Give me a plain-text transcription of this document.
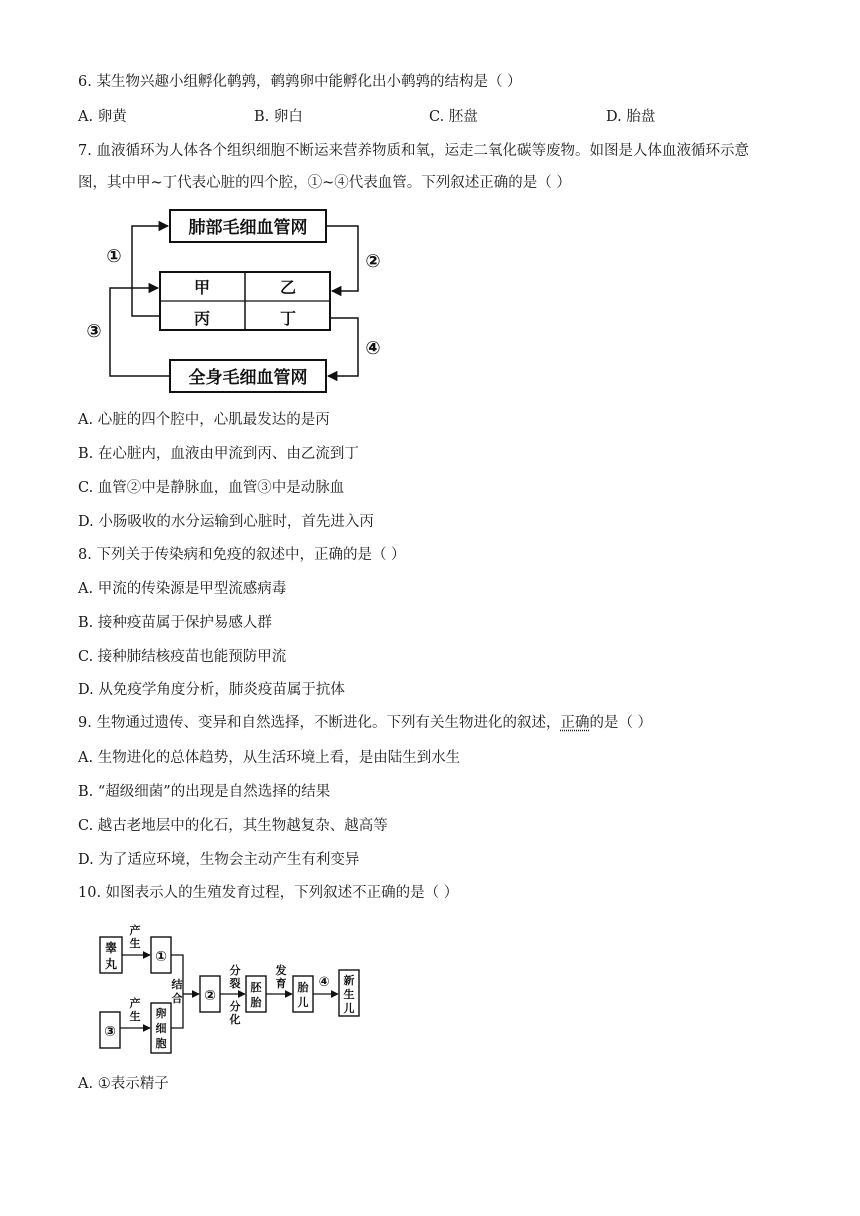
6. 某生物兴趣小组孵化鹌鹑，鹌鹑卵中能孵化出小鹌鹑的结构是（ ）
A. 卵黄	B. 卵白	C. 胚盘	D. 胎盘
7. 血液循环为人体各个组织细胞不断运来营养物质和氧，运走二氧化碳等废物。如图是人体血液循环示意
图，其中甲~丁代表心脏的四个腔，①~④代表血管。下列叙述正确的是（ ）
肺部毛细血管网
甲	乙
丙	丁
全身毛细血管网
①	②
③
④
A. 心脏的四个腔中，心肌最发达的是丙
B. 在心脏内，血液由甲流到丙、由乙流到丁
C. 血管②中是静脉血，血管③中是动脉血
D. 小肠吸收的水分运输到心脏时，首先进入丙
8. 下列关于传染病和免疫的叙述中，正确的是（ ）
A. 甲流的传染源是甲型流感病毒
B. 接种疫苗属于保护易感人群
C. 接种肺结核疫苗也能预防甲流
D. 从免疫学角度分析，肺炎疫苗属于抗体
9. 生物通过遗传、变异和自然选择，不断进化。下列有关生物进化的叙述，正确的是（ ）
A. 生物进化的总体趋势，从生活环境上看，是由陆生到水生
B. “超级细菌”的出现是自然选择的结果
C. 越古老地层中的化石，其生物越复杂、越高等
D. 为了适应环境，生物会主动产生有利变异
10. 如图表示人的生殖发育过程，下列叙述不正确的是（ ）
睾
丸
产
生
①
③
产
生 卵
细
胞
结
合 ②
分
裂
分
化
胚
胎
发
育 胎
儿
④ 新
生
儿
A. ①表示精子
